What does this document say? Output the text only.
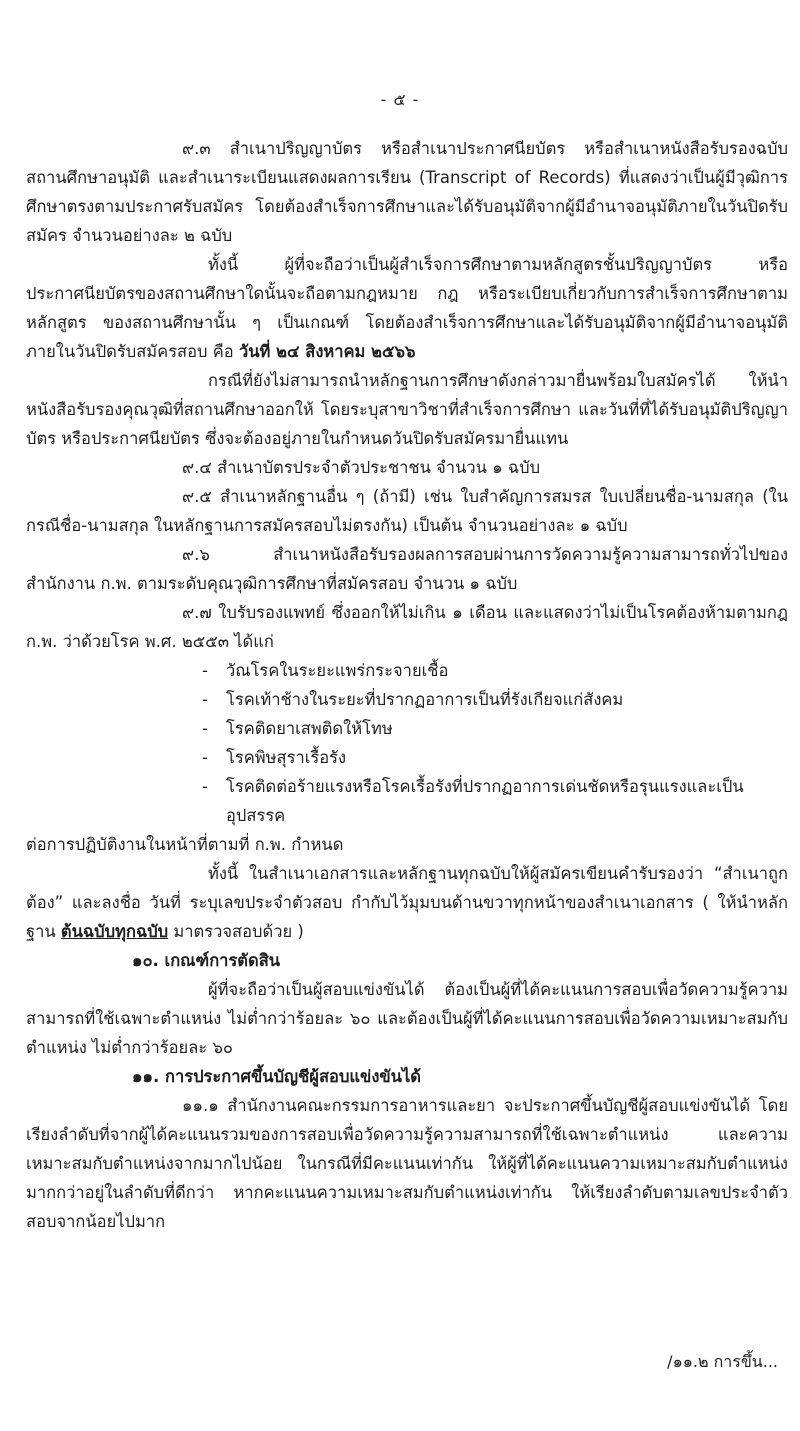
- ๕ -

๙.๓ สำเนาปริญญาบัตร หรือสำเนาประกาศนียบัตร หรือสำเนาหนังสือรับรองฉบับ สถานศึกษาอนุมัติ และสำเนาระเบียนแสดงผลการเรียน (Transcript of Records) ที่แสดงว่าเป็นผู้มีวุฒิการศึกษาตรงตามประกาศรับสมัคร โดยต้องสำเร็จการศึกษาและได้รับอนุมัติจากผู้มีอำนาจอนุมัติภายในวันปิดรับสมัคร จำนวนอย่างละ ๒ ฉบับ

ทั้งนี้ ผู้ที่จะถือว่าเป็นผู้สำเร็จการศึกษาตามหลักสูตรชั้นปริญญาบัตร หรือประกาศนียบัตรของสถานศึกษาใดนั้นจะถือตามกฎหมาย กฎ หรือระเบียบเกี่ยวกับการสำเร็จการศึกษาตามหลักสูตร ของสถานศึกษานั้น ๆ เป็นเกณฑ์ โดยต้องสำเร็จการศึกษาและได้รับอนุมัติจากผู้มีอำนาจอนุมัติ ภายในวันปิดรับสมัครสอบ คือ วันที่ ๒๔ สิงหาคม ๒๕๖๖

กรณีที่ยังไม่สามารถนำหลักฐานการศึกษาดังกล่าวมายื่นพร้อมใบสมัครได้ ให้นำหนังสือรับรองคุณวุฒิที่สถานศึกษาออกให้ โดยระบุสาขาวิชาที่สำเร็จการศึกษา และวันที่ที่ได้รับอนุมัติปริญญาบัตร หรือประกาศนียบัตร ซึ่งจะต้องอยู่ภายในกำหนดวันปิดรับสมัครมายื่นแทน

๙.๔ สำเนาบัตรประจำตัวประชาชน จำนวน ๑ ฉบับ

๙.๕ สำเนาหลักฐานอื่น ๆ (ถ้ามี) เช่น ใบสำคัญการสมรส ใบเปลี่ยนชื่อ-นามสกุล (ในกรณีชื่อ-นามสกุล ในหลักฐานการสมัครสอบไม่ตรงกัน) เป็นต้น จำนวนอย่างละ ๑ ฉบับ

๙.๖ สำเนาหนังสือรับรองผลการสอบผ่านการวัดความรู้ความสามารถทั่วไปของสำนักงาน ก.พ. ตามระดับคุณวุฒิการศึกษาที่สมัครสอบ จำนวน ๑ ฉบับ

๙.๗ ใบรับรองแพทย์ ซึ่งออกให้ไม่เกิน ๑ เดือน และแสดงว่าไม่เป็นโรคต้องห้ามตามกฎ ก.พ. ว่าด้วยโรค พ.ศ. ๒๕๕๓ ได้แก่

- วัณโรคในระยะแพร่กระจายเชื้อ
- โรคเท้าช้างในระยะที่ปรากฏอาการเป็นที่รังเกียจแก่สังคม
- โรคติดยาเสพติดให้โทษ
- โรคพิษสุราเรื้อรัง
- โรคติดต่อร้ายแรงหรือโรคเรื้อรังที่ปรากฏอาการเด่นชัดหรือรุนแรงและเป็นอุปสรรค
ต่อการปฏิบัติงานในหน้าที่ตามที่ ก.พ. กำหนด

ทั้งนี้ ในสำเนาเอกสารและหลักฐานทุกฉบับให้ผู้สมัครเขียนคำรับรองว่า “สำเนาถูกต้อง” และลงชื่อ วันที่ ระบุเลขประจำตัวสอบ กำกับไว้มุมบนด้านขวาทุกหน้าของสำเนาเอกสาร ( ให้นำหลักฐาน ต้นฉบับทุกฉบับ มาตรวจสอบด้วย )

๑๐. เกณฑ์การตัดสิน

ผู้ที่จะถือว่าเป็นผู้สอบแข่งขันได้ ต้องเป็นผู้ที่ได้คะแนนการสอบเพื่อวัดความรู้ความสามารถที่ใช้เฉพาะตำแหน่ง ไม่ต่ำกว่าร้อยละ ๖๐ และต้องเป็นผู้ที่ได้คะแนนการสอบเพื่อวัดความเหมาะสมกับตำแหน่ง ไม่ต่ำกว่าร้อยละ ๖๐

๑๑. การประกาศขึ้นบัญชีผู้สอบแข่งขันได้

๑๑.๑ สำนักงานคณะกรรมการอาหารและยา จะประกาศขึ้นบัญชีผู้สอบแข่งขันได้ โดยเรียงลำดับที่จากผู้ได้คะแนนรวมของการสอบเพื่อวัดความรู้ความสามารถที่ใช้เฉพาะตำแหน่ง และความเหมาะสมกับตำแหน่งจากมากไปน้อย ในกรณีที่มีคะแนนเท่ากัน ให้ผู้ที่ได้คะแนนความเหมาะสมกับตำแหน่งมากกว่าอยู่ในลำดับที่ดีกว่า หากคะแนนความเหมาะสมกับตำแหน่งเท่ากัน ให้เรียงลำดับตามเลขประจำตัวสอบจากน้อยไปมาก

/๑๑.๒ การขึ้น...
